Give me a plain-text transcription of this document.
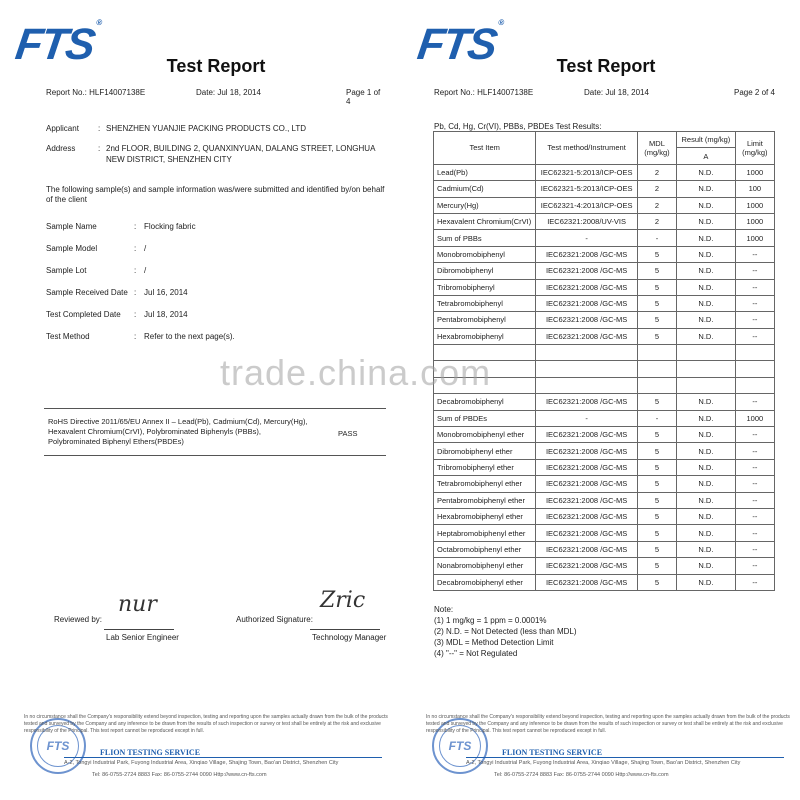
trade.china.com
FTS®
Test Report
Report No.: HLF14007138E	Date: Jul 18, 2014	Page 1 of 4
Applicant : SHENZHEN YUANJIE PACKING PRODUCTS CO., LTD
Address	: 2nd FLOOR, BUILDING 2, QUANXINYUAN, DALANG STREET, LONGHUA NEW DISTRICT, SHENZHEN CITY
The following sample(s) and sample information was/were submitted and identified by/on behalf of the client
Sample Name	: Flocking fabric
Sample Model	: /
Sample Lot	: /
Sample Received Date : Jul 16, 2014
Test Completed Date : Jul 18, 2014
Test Method	: Refer to the next page(s).
RoHS Directive 2011/65/EU Annex II – Lead(Pb), Cadmium(Cd), Mercury(Hg), Hexavalent Chromium(CrVI), Polybrominated Biphenyls (PBBs), Polybrominated Biphenyl Ethers(PBDEs)
PASS
Reviewed by:
nur
Lab Senior Engineer
Authorized Signature:
Zric
Technology Manager
FTS
In no circumstance shall the Company's responsibility extend beyond inspection, testing and reporting upon the samples actually drawn from the bulk of the products tested and surveyed by the Company and any inference to be drawn from the results of such inspection or survey or test shall be entirely at the risk and exclusive responsibility of the Principal. This test report cannot be reproduced except in full.
FLION TESTING SERVICE
A-2, Tongyi Industrial Park, Fuyong Industrial Area, Xinqiao Village, Shajing Town, Bao'an District, Shenzhen City
Tel: 86-0755-2724 8883 Fax: 86-0755-2744 0090 Http://www.cn-fts.com
FTS®
Test Report
Report No.: HLF14007138E	Date: Jul 18, 2014	Page 2 of 4
Pb, Cd, Hg, Cr(VI), PBBs, PBDEs Test Results:
Test Item	Test method/Instrument	MDL (mg/kg)	Result (mg/kg)	Limit (mg/kg)
			A	
Lead(Pb)	IEC62321-5:2013/ICP-OES	2	N.D.	1000
Cadmium(Cd)	IEC62321-5:2013/ICP-OES	2	N.D.	100
Mercury(Hg)	IEC62321-4:2013/ICP-OES	2	N.D.	1000
Hexavalent Chromium(CrVI)	IEC62321:2008/UV-VIS	2	N.D.	1000
Sum of PBBs	-	-	N.D.	1000
Monobromobiphenyl	IEC62321:2008 /GC-MS	5	N.D.	--
Dibromobiphenyl	IEC62321:2008 /GC-MS	5	N.D.	--
Tribromobiphenyl	IEC62321:2008 /GC-MS	5	N.D.	--
Tetrabromobiphenyl	IEC62321:2008 /GC-MS	5	N.D.	--
Pentabromobiphenyl	IEC62321:2008 /GC-MS	5	N.D.	--
Hexabromobiphenyl	IEC62321:2008 /GC-MS	5	N.D.	--

Decabromobiphenyl	IEC62321:2008 /GC-MS	5	N.D.	--
Sum of PBDEs	-	-	N.D.	1000
Monobromobiphenyl ether	IEC62321:2008 /GC-MS	5	N.D.	--
Dibromobiphenyl ether	IEC62321:2008 /GC-MS	5	N.D.	--
Tribromobiphenyl ether	IEC62321:2008 /GC-MS	5	N.D.	--
Tetrabromobiphenyl ether	IEC62321:2008 /GC-MS	5	N.D.	--
Pentabromobiphenyl ether	IEC62321:2008 /GC-MS	5	N.D.	--
Hexabromobiphenyl ether	IEC62321:2008 /GC-MS	5	N.D.	--
Heptabromobiphenyl ether	IEC62321:2008 /GC-MS	5	N.D.	--
Octabromobiphenyl ether	IEC62321:2008 /GC-MS	5	N.D.	--
Nonabromobiphenyl ether	IEC62321:2008 /GC-MS	5	N.D.	--
Decabromobiphenyl ether	IEC62321:2008 /GC-MS	5	N.D.	--
Note:
(1) 1 mg/kg = 1 ppm = 0.0001%
(2) N.D. = Not Detected (less than MDL)
(3) MDL = Method Detection Limit
(4) "--" = Not Regulated
FTS
In no circumstance shall the Company's responsibility extend beyond inspection, testing and reporting upon the samples actually drawn from the bulk of the products tested and surveyed by the Company and any inference to be drawn from the results of such inspection or survey or test shall be entirely at the risk and exclusive responsibility of the Principal. This test report cannot be reproduced except in full.
FLION TESTING SERVICE
A-2, Tongyi Industrial Park, Fuyong Industrial Area, Xinqiao Village, Shajing Town, Bao'an District, Shenzhen City
Tel: 86-0755-2724 8883 Fax: 86-0755-2744 0090 Http://www.cn-fts.com
